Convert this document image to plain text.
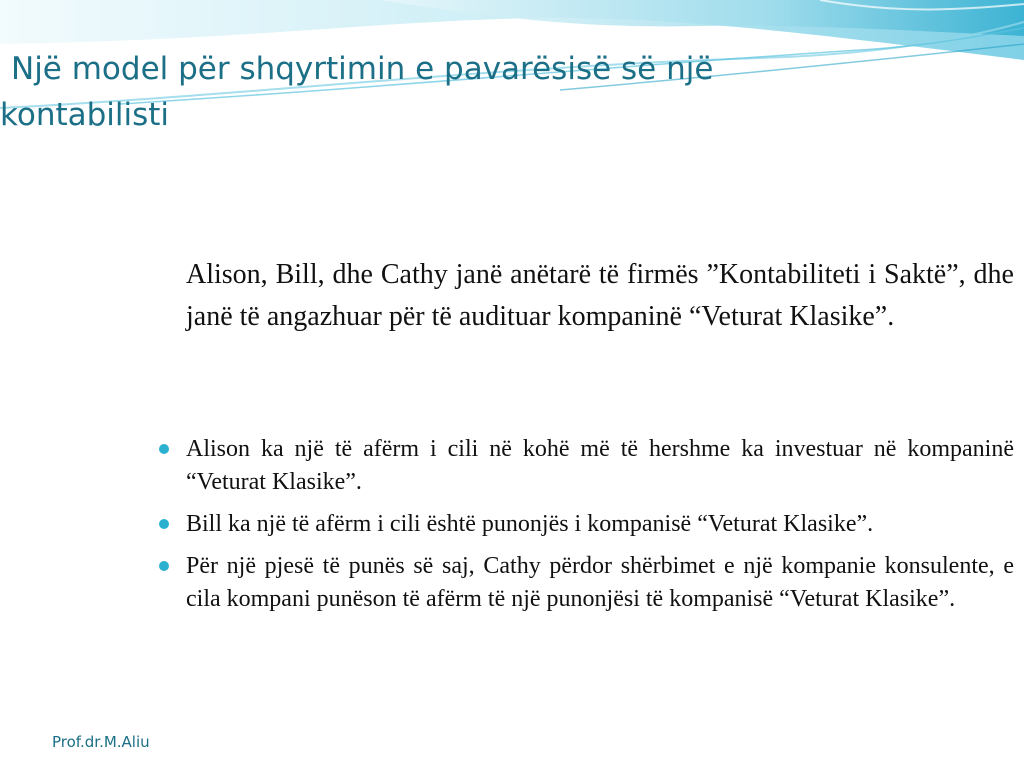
Një model për shqyrtimin e pavarësisë së një
kontabilisti

Alison, Bill, dhe Cathy janë anëtarë të firmës ”Kontabiliteti i Saktë”, dhe janë të angazhuar për të audituar kompaninë “Veturat Klasike”.

Alison ka një të afërm i cili në kohë më të hershme ka investuar në kompaninë “Veturat Klasike”.
Bill ka një të afërm i cili është punonjës i kompanisë “Veturat Klasike”.
Për një pjesë të punës së saj, Cathy përdor shërbimet e një kompanie konsulente, e cila kompani punëson të afërm të një punonjësi të kompanisë “Veturat Klasike”.
Prof.dr.M.Aliu
